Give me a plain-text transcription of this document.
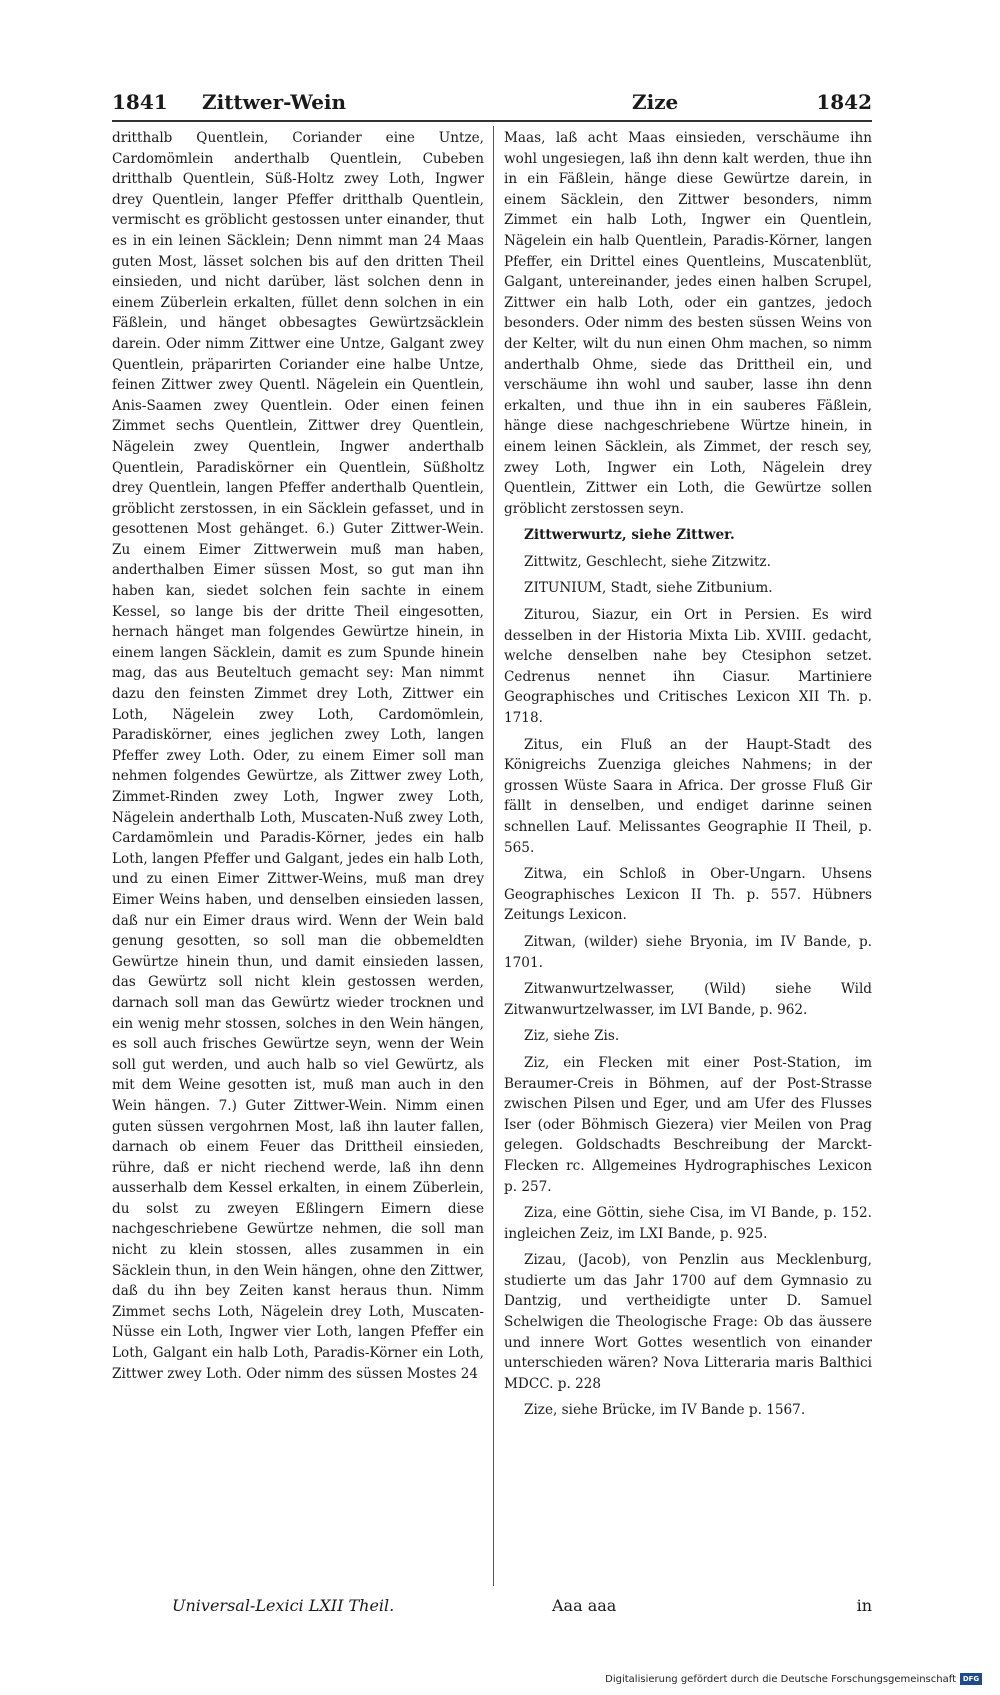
1841 Zittwer-Wein	Zize	1842

dritthalb Quentlein, Coriander eine Untze, Cardomömlein anderthalb Quentlein, Cubeben dritthalb Quentlein, Süß-Holtz zwey Loth, Ingwer drey Quentlein, langer Pfeffer dritthalb Quentlein, vermischt es gröblicht gestossen unter einander, thut es in ein leinen Säcklein; Denn nimmt man 24 Maas guten Most, lässet solchen bis auf den dritten Theil einsieden, und nicht darüber, läst solchen denn in einem Züberlein erkalten, füllet denn solchen in ein Fäßlein, und hänget obbesagtes Gewürtzsäcklein darein. Oder nimm Zittwer eine Untze, Galgant zwey Quentlein, präparirten Coriander eine halbe Untze, feinen Zittwer zwey Quentl. Nägelein ein Quentlein, Anis-Saamen zwey Quentlein. Oder einen feinen Zimmet sechs Quentlein, Zittwer drey Quentlein, Nägelein zwey Quentlein, Ingwer anderthalb Quentlein, Paradiskörner ein Quentlein, Süßholtz drey Quentlein, langen Pfeffer anderthalb Quentlein, gröblicht zerstossen, in ein Säcklein gefasset, und in gesottenen Most gehänget. 6.) Guter Zittwer-Wein. Zu einem Eimer Zittwerwein muß man haben, anderthalben Eimer süssen Most, so gut man ihn haben kan, siedet solchen fein sachte in einem Kessel, so lange bis der dritte Theil eingesotten, hernach hänget man folgendes Gewürtze hinein, in einem langen Säcklein, damit es zum Spunde hinein mag, das aus Beuteltuch gemacht sey: Man nimmt dazu den feinsten Zimmet drey Loth, Zittwer ein Loth, Nägelein zwey Loth, Cardomömlein, Paradiskörner, eines jeglichen zwey Loth, langen Pfeffer zwey Loth. Oder, zu einem Eimer soll man nehmen folgendes Gewürtze, als Zittwer zwey Loth, Zimmet-Rinden zwey Loth, Ingwer zwey Loth, Nägelein anderthalb Loth, Muscaten-Nuß zwey Loth, Cardamömlein und Paradis-Körner, jedes ein halb Loth, langen Pfeffer und Galgant, jedes ein halb Loth, und zu einen Eimer Zittwer-Weins, muß man drey Eimer Weins haben, und denselben einsieden lassen, daß nur ein Eimer draus wird. Wenn der Wein bald genung gesotten, so soll man die obbemeldten Gewürtze hinein thun, und damit einsieden lassen, das Gewürtz soll nicht klein gestossen werden, darnach soll man das Gewürtz wieder trocknen und ein wenig mehr stossen, solches in den Wein hängen, es soll auch frisches Gewürtze seyn, wenn der Wein soll gut werden, und auch halb so viel Gewürtz, als mit dem Weine gesotten ist, muß man auch in den Wein hängen. 7.) Guter Zittwer-Wein. Nimm einen guten süssen vergohrnen Most, laß ihn lauter fallen, darnach ob einem Feuer das Drittheil einsieden, rühre, daß er nicht riechend werde, laß ihn denn ausserhalb dem Kessel erkalten, in einem Züberlein, du solst zu zweyen Eßlingern Eimern diese nachgeschriebene Gewürtze nehmen, die soll man nicht zu klein stossen, alles zusammen in ein Säcklein thun, in den Wein hängen, ohne den Zittwer, daß du ihn bey Zeiten kanst heraus thun. Nimm Zimmet sechs Loth, Nägelein drey Loth, Muscaten-Nüsse ein Loth, Ingwer vier Loth, langen Pfeffer ein Loth, Galgant ein halb Loth, Paradis-Körner ein Loth, Zittwer zwey Loth. Oder nimm des süssen Mostes 24

Maas, laß acht Maas einsieden, verschäume ihn wohl ungesiegen, laß ihn denn kalt werden, thue ihn in ein Fäßlein, hänge diese Gewürtze darein, in einem Säcklein, den Zittwer besonders, nimm Zimmet ein halb Loth, Ingwer ein Quentlein, Nägelein ein halb Quentlein, Paradis-Körner, langen Pfeffer, ein Drittel eines Quentleins, Muscatenblüt, Galgant, untereinander, jedes einen halben Scrupel, Zittwer ein halb Loth, oder ein gantzes, jedoch besonders. Oder nimm des besten süssen Weins von der Kelter, wilt du nun einen Ohm machen, so nimm anderthalb Ohme, siede das Drittheil ein, und verschäume ihn wohl und sauber, lasse ihn denn erkalten, und thue ihn in ein sauberes Fäßlein, hänge diese nachgeschriebene Würtze hinein, in einem leinen Säcklein, als Zimmet, der resch sey, zwey Loth, Ingwer ein Loth, Nägelein drey Quentlein, Zittwer ein Loth, die Gewürtze sollen gröblicht zerstossen seyn.

Zittwerwurtz, siehe Zittwer.

Zittwitz, Geschlecht, siehe Zitzwitz.

ZITUNIUM, Stadt, siehe Zitbunium.

Ziturou, Siazur, ein Ort in Persien. Es wird desselben in der Historia Mixta Lib. XVIII. gedacht, welche denselben nahe bey Ctesiphon setzet. Cedrenus nennet ihn Ciasur. Martiniere Geographisches und Critisches Lexicon XII Th. p. 1718.

Zitus, ein Fluß an der Haupt-Stadt des Königreichs Zuenziga gleiches Nahmens; in der grossen Wüste Saara in Africa. Der grosse Fluß Gir fällt in denselben, und endiget darinne seinen schnellen Lauf. Melissantes Geographie II Theil, p. 565.

Zitwa, ein Schloß in Ober-Ungarn. Uhsens Geographisches Lexicon II Th. p. 557. Hübners Zeitungs Lexicon.

Zitwan, (wilder) siehe Bryonia, im IV Bande, p. 1701.

Zitwanwurtzelwasser, (Wild) siehe Wild Zitwanwurtzelwasser, im LVI Bande, p. 962.

Ziz, siehe Zis.

Ziz, ein Flecken mit einer Post-Station, im Beraumer-Creis in Böhmen, auf der Post-Strasse zwischen Pilsen und Eger, und am Ufer des Flusses Iser (oder Böhmisch Giezera) vier Meilen von Prag gelegen. Goldschadts Beschreibung der Marckt-Flecken rc. Allgemeines Hydrographisches Lexicon p. 257.

Ziza, eine Göttin, siehe Cisa, im VI Bande, p. 152. ingleichen Zeiz, im LXI Bande, p. 925.

Zizau, (Jacob), von Penzlin aus Mecklenburg, studierte um das Jahr 1700 auf dem Gymnasio zu Dantzig, und vertheidigte unter D. Samuel Schelwigen die Theologische Frage: Ob das äussere und innere Wort Gottes wesentlich von einander unterschieden wären? Nova Litteraria maris Balthici MDCC. p. 228

Zize, siehe Brücke, im IV Bande p. 1567.

Universal-Lexici LXII Theil.	Aaa aaa	in
Digitalisierung gefördert durch die Deutsche Forschungsgemeinschaft DFG
